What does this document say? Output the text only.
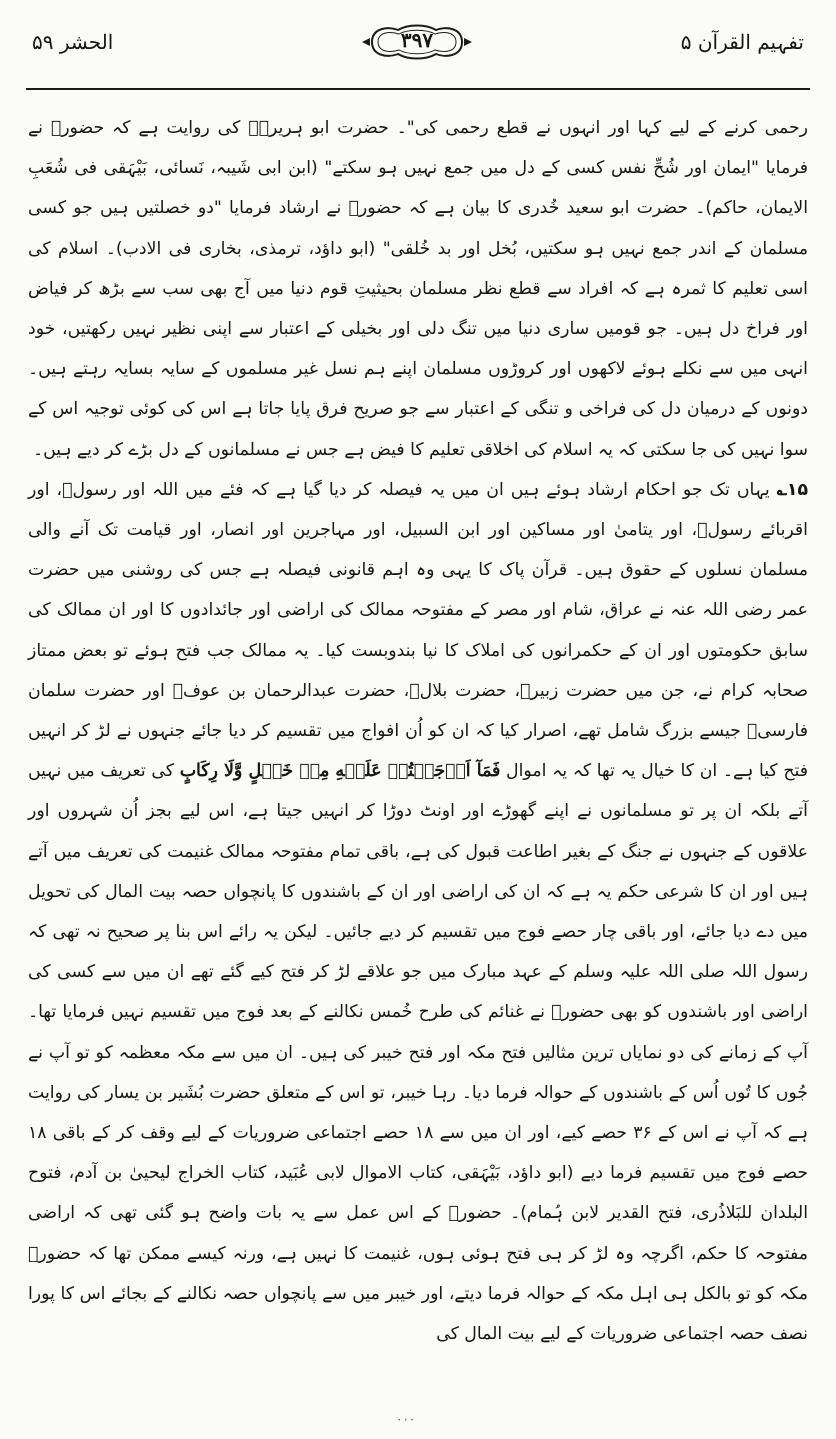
الحشر ۵۹	۳۹۷	تفہیم القرآن ۵

رحمی کرنے کے لیے کہا اور انہوں نے قطع رحمی کی"۔ حضرت ابو ہریرہؓ کی روایت ہے کہ حضورؐ نے فرمایا "ایمان اور شُحِّ نفس کسی کے دل میں جمع نہیں ہو سکتے" (ابن ابی شَیبہ، نَسائی، بَیْہَقی فی شُعَبِ الایمان، حاکم)۔ حضرت ابو سعید خُدری کا بیان ہے کہ حضورؐ نے ارشاد فرمایا "دو خصلتیں ہیں جو کسی مسلمان کے اندر جمع نہیں ہو سکتیں، بُخل اور بد خُلقی" (ابو داؤد، ترمذی، بخاری فی الادب)۔ اسلام کی اسی تعلیم کا ثمرہ ہے کہ افراد سے قطع نظر مسلمان بحیثیتِ قوم دنیا میں آج بھی سب سے بڑھ کر فیاض اور فراخ دل ہیں۔ جو قومیں ساری دنیا میں تنگ دلی اور بخیلی کے اعتبار سے اپنی نظیر نہیں رکھتیں، خود انہی میں سے نکلے ہوئے لاکھوں اور کروڑوں مسلمان اپنے ہم نسل غیر مسلموں کے سایہ بسایہ رہتے ہیں۔ دونوں کے درمیان دل کی فراخی و تنگی کے اعتبار سے جو صریح فرق پایا جاتا ہے اس کی کوئی توجیہ اس کے سوا نہیں کی جا سکتی کہ یہ اسلام کی اخلاقی تعلیم کا فیض ہے جس نے مسلمانوں کے دل بڑے کر دیے ہیں۔

۱۵؎ یہاں تک جو احکام ارشاد ہوئے ہیں ان میں یہ فیصلہ کر دیا گیا ہے کہ فئے میں اللہ اور رسولؐ، اور اقربائے رسولؐ، اور یتامیٰ اور مساکین اور ابن السبیل، اور مہاجرین اور انصار، اور قیامت تک آنے والی مسلمان نسلوں کے حقوق ہیں۔ قرآن پاک کا یہی وہ اہم قانونی فیصلہ ہے جس کی روشنی میں حضرت عمر رضی اللہ عنہ نے عراق، شام اور مصر کے مفتوحہ ممالک کی اراضی اور جائدادوں کا اور ان ممالک کی سابق حکومتوں اور ان کے حکمرانوں کی املاک کا نیا بندوبست کیا۔ یہ ممالک جب فتح ہوئے تو بعض ممتاز صحابہ کرام نے، جن میں حضرت زبیرؓ، حضرت بلالؓ، حضرت عبدالرحمان بن عوفؓ اور حضرت سلمان فارسیؓ جیسے بزرگ شامل تھے، اصرار کیا کہ ان کو اُن افواج میں تقسیم کر دیا جائے جنہوں نے لڑ کر انہیں فتح کیا ہے۔ ان کا خیال یہ تھا کہ یہ اموال فَمَآ اَوۡجَفۡتُمۡ عَلَيۡهِ مِنۡ خَيۡلٍ وَّلَا رِكَابٍ کی تعریف میں نہیں آتے بلکہ ان پر تو مسلمانوں نے اپنے گھوڑے اور اونٹ دوڑا کر انہیں جیتا ہے، اس لیے بجز اُن شہروں اور علاقوں کے جنہوں نے جنگ کے بغیر اطاعت قبول کی ہے، باقی تمام مفتوحہ ممالک غنیمت کی تعریف میں آتے ہیں اور ان کا شرعی حکم یہ ہے کہ ان کی اراضی اور ان کے باشندوں کا پانچواں حصہ بیت المال کی تحویل میں دے دیا جائے، اور باقی چار حصے فوج میں تقسیم کر دیے جائیں۔ لیکن یہ رائے اس بنا پر صحیح نہ تھی کہ رسول اللہ صلی اللہ علیہ وسلم کے عہد مبارک میں جو علاقے لڑ کر فتح کیے گئے تھے ان میں سے کسی کی اراضی اور باشندوں کو بھی حضورؐ نے غنائم کی طرح خُمس نکالنے کے بعد فوج میں تقسیم نہیں فرمایا تھا۔ آپ کے زمانے کی دو نمایاں ترین مثالیں فتح مکہ اور فتح خیبر کی ہیں۔ ان میں سے مکہ معظمہ کو تو آپ نے جُوں کا تُوں اُس کے باشندوں کے حوالہ فرما دیا۔ رہا خیبر، تو اس کے متعلق حضرت بُشَیر بن یسار کی روایت ہے کہ آپ نے اس کے ۳۶ حصے کیے، اور ان میں سے ۱۸ حصے اجتماعی ضروریات کے لیے وقف کر کے باقی ۱۸ حصے فوج میں تقسیم فرما دیے (ابو داؤد، بَیْہَقی، کتاب الاموال لابی عُبَید، کتاب الخراج لیحییٰ بن آدم، فتوح البلدان للبَلاذُری، فتح القدیر لابن ہُمام)۔ حضورؐ کے اس عمل سے یہ بات واضح ہو گئی تھی کہ اراضی مفتوحہ کا حکم، اگرچہ وہ لڑ کر ہی فتح ہوئی ہوں، غنیمت کا نہیں ہے، ورنہ کیسے ممکن تھا کہ حضورؐ مکہ کو تو بالکل ہی اہل مکہ کے حوالہ فرما دیتے، اور خیبر میں سے پانچواں حصہ نکالنے کے بجائے اس کا پورا نصف حصہ اجتماعی ضروریات کے لیے بیت المال کی

۰۰۰
